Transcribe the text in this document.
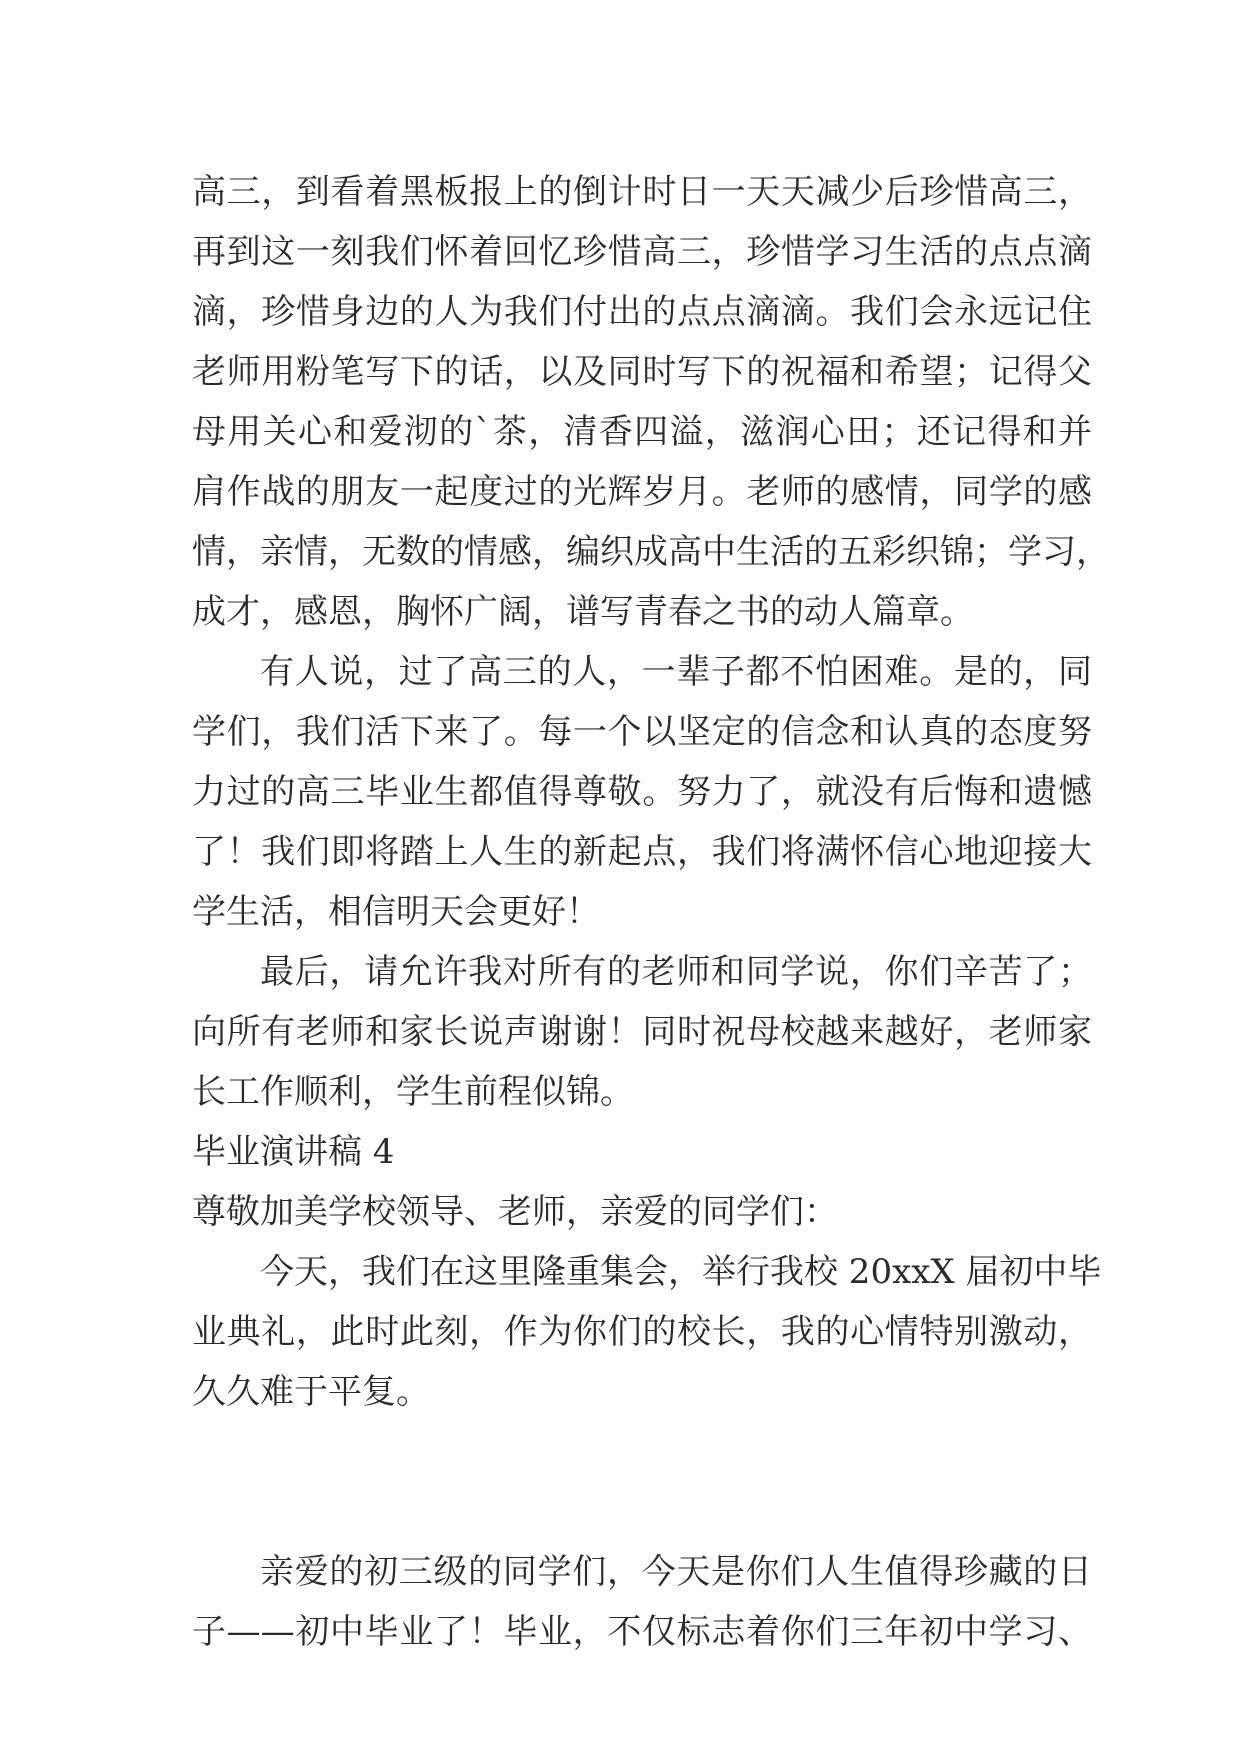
高三，到看着黑板报上的倒计时日一天天减少后珍惜高三，
再到这一刻我们怀着回忆珍惜高三，珍惜学习生活的点点滴
滴，珍惜身边的人为我们付出的点点滴滴。我们会永远记住
老师用粉笔写下的话，以及同时写下的祝福和希望；记得父
母用关心和爱沏的`茶，清香四溢，滋润心田；还记得和并
肩作战的朋友一起度过的光辉岁月。老师的感情，同学的感
情，亲情，无数的情感，编织成高中生活的五彩织锦；学习，
成才，感恩，胸怀广阔，谱写青春之书的动人篇章。
有人说，过了高三的人，一辈子都不怕困难。是的，同
学们，我们活下来了。每一个以坚定的信念和认真的态度努
力过的高三毕业生都值得尊敬。努力了，就没有后悔和遗憾
了！我们即将踏上人生的新起点，我们将满怀信心地迎接大
学生活，相信明天会更好！
最后，请允许我对所有的老师和同学说，你们辛苦了；
向所有老师和家长说声谢谢！同时祝母校越来越好，老师家
长工作顺利，学生前程似锦。
毕业演讲稿 4
尊敬加美学校领导、老师，亲爱的同学们：
今天，我们在这里隆重集会，举行我校 20xxX 届初中毕
业典礼，此时此刻，作为你们的校长，我的心情特别激动，
久久难于平复。
亲爱的初三级的同学们，今天是你们人生值得珍藏的日
子——初中毕业了！毕业，不仅标志着你们三年初中学习、
